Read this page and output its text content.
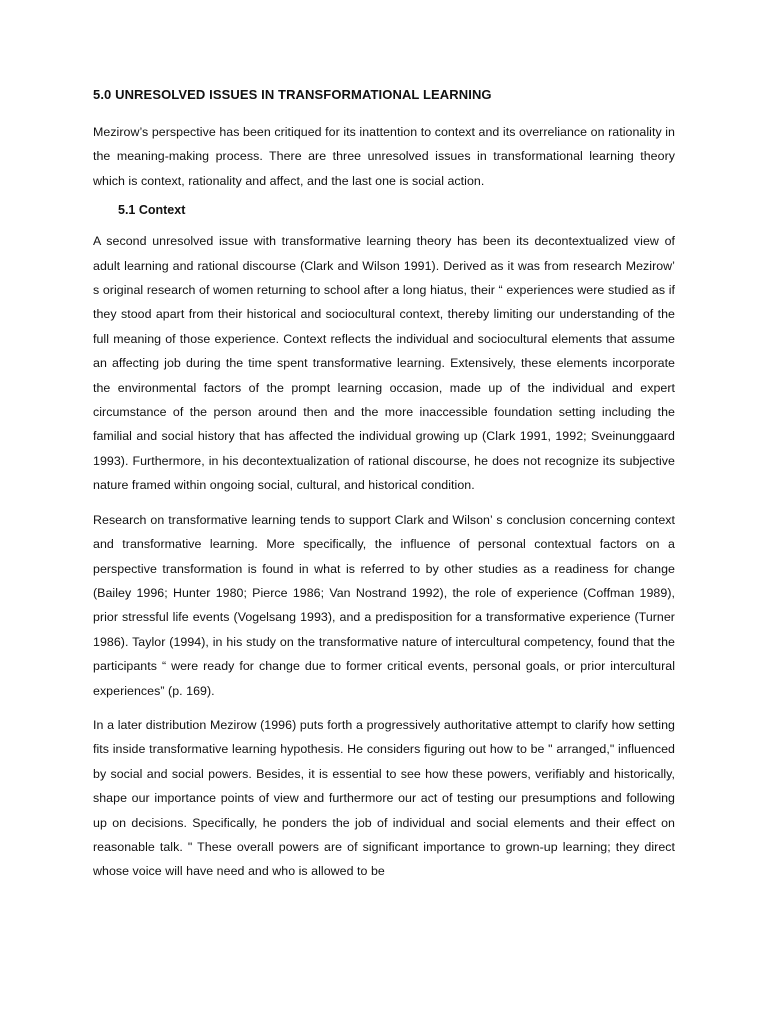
5.0 UNRESOLVED ISSUES IN TRANSFORMATIONAL LEARNING

Mezirow’s perspective has been critiqued for its inattention to context and its overreliance on rationality in the meaning-making process. There are three unresolved issues in transformational learning theory which is context, rationality and affect, and the last one is social action.

5.1 Context

A second unresolved issue with transformative learning theory has been its decontextualized view of adult learning and rational discourse (Clark and Wilson 1991). Derived as it was from research Mezirow’ s original research of women returning to school after a long hiatus, their “ experiences were studied as if they stood apart from their historical and sociocultural context, thereby limiting our understanding of the full meaning of those experience. Context reflects the individual and sociocultural elements that assume an affecting job during the time spent transformative learning. Extensively, these elements incorporate the environmental factors of the prompt learning occasion, made up of the individual and expert circumstance of the person around then and the more inaccessible foundation setting including the familial and social history that has affected the individual growing up (Clark 1991, 1992; Sveinunggaard 1993). Furthermore, in his decontextualization of rational discourse, he does not recognize its subjective nature framed within ongoing social, cultural, and historical condition.

Research on transformative learning tends to support Clark and Wilson’ s conclusion concerning context and transformative learning. More specifically, the influence of personal contextual factors on a perspective transformation is found in what is referred to by other studies as a readiness for change (Bailey 1996; Hunter 1980; Pierce 1986; Van Nostrand 1992), the role of experience (Coffman 1989), prior stressful life events (Vogelsang 1993), and a predisposition for a transformative experience (Turner 1986). Taylor (1994), in his study on the transformative nature of intercultural competency, found that the participants “ were ready for change due to former critical events, personal goals, or prior intercultural experiences” (p. 169).

In a later distribution Mezirow (1996) puts forth a progressively authoritative attempt to clarify how setting fits inside transformative learning hypothesis. He considers figuring out how to be " arranged," influenced by social and social powers. Besides, it is essential to see how these powers, verifiably and historically, shape our importance points of view and furthermore our act of testing our presumptions and following up on decisions. Specifically, he ponders the job of individual and social elements and their effect on reasonable talk. " These overall powers are of significant importance to grown-up learning; they direct whose voice will have need and who is allowed to be
